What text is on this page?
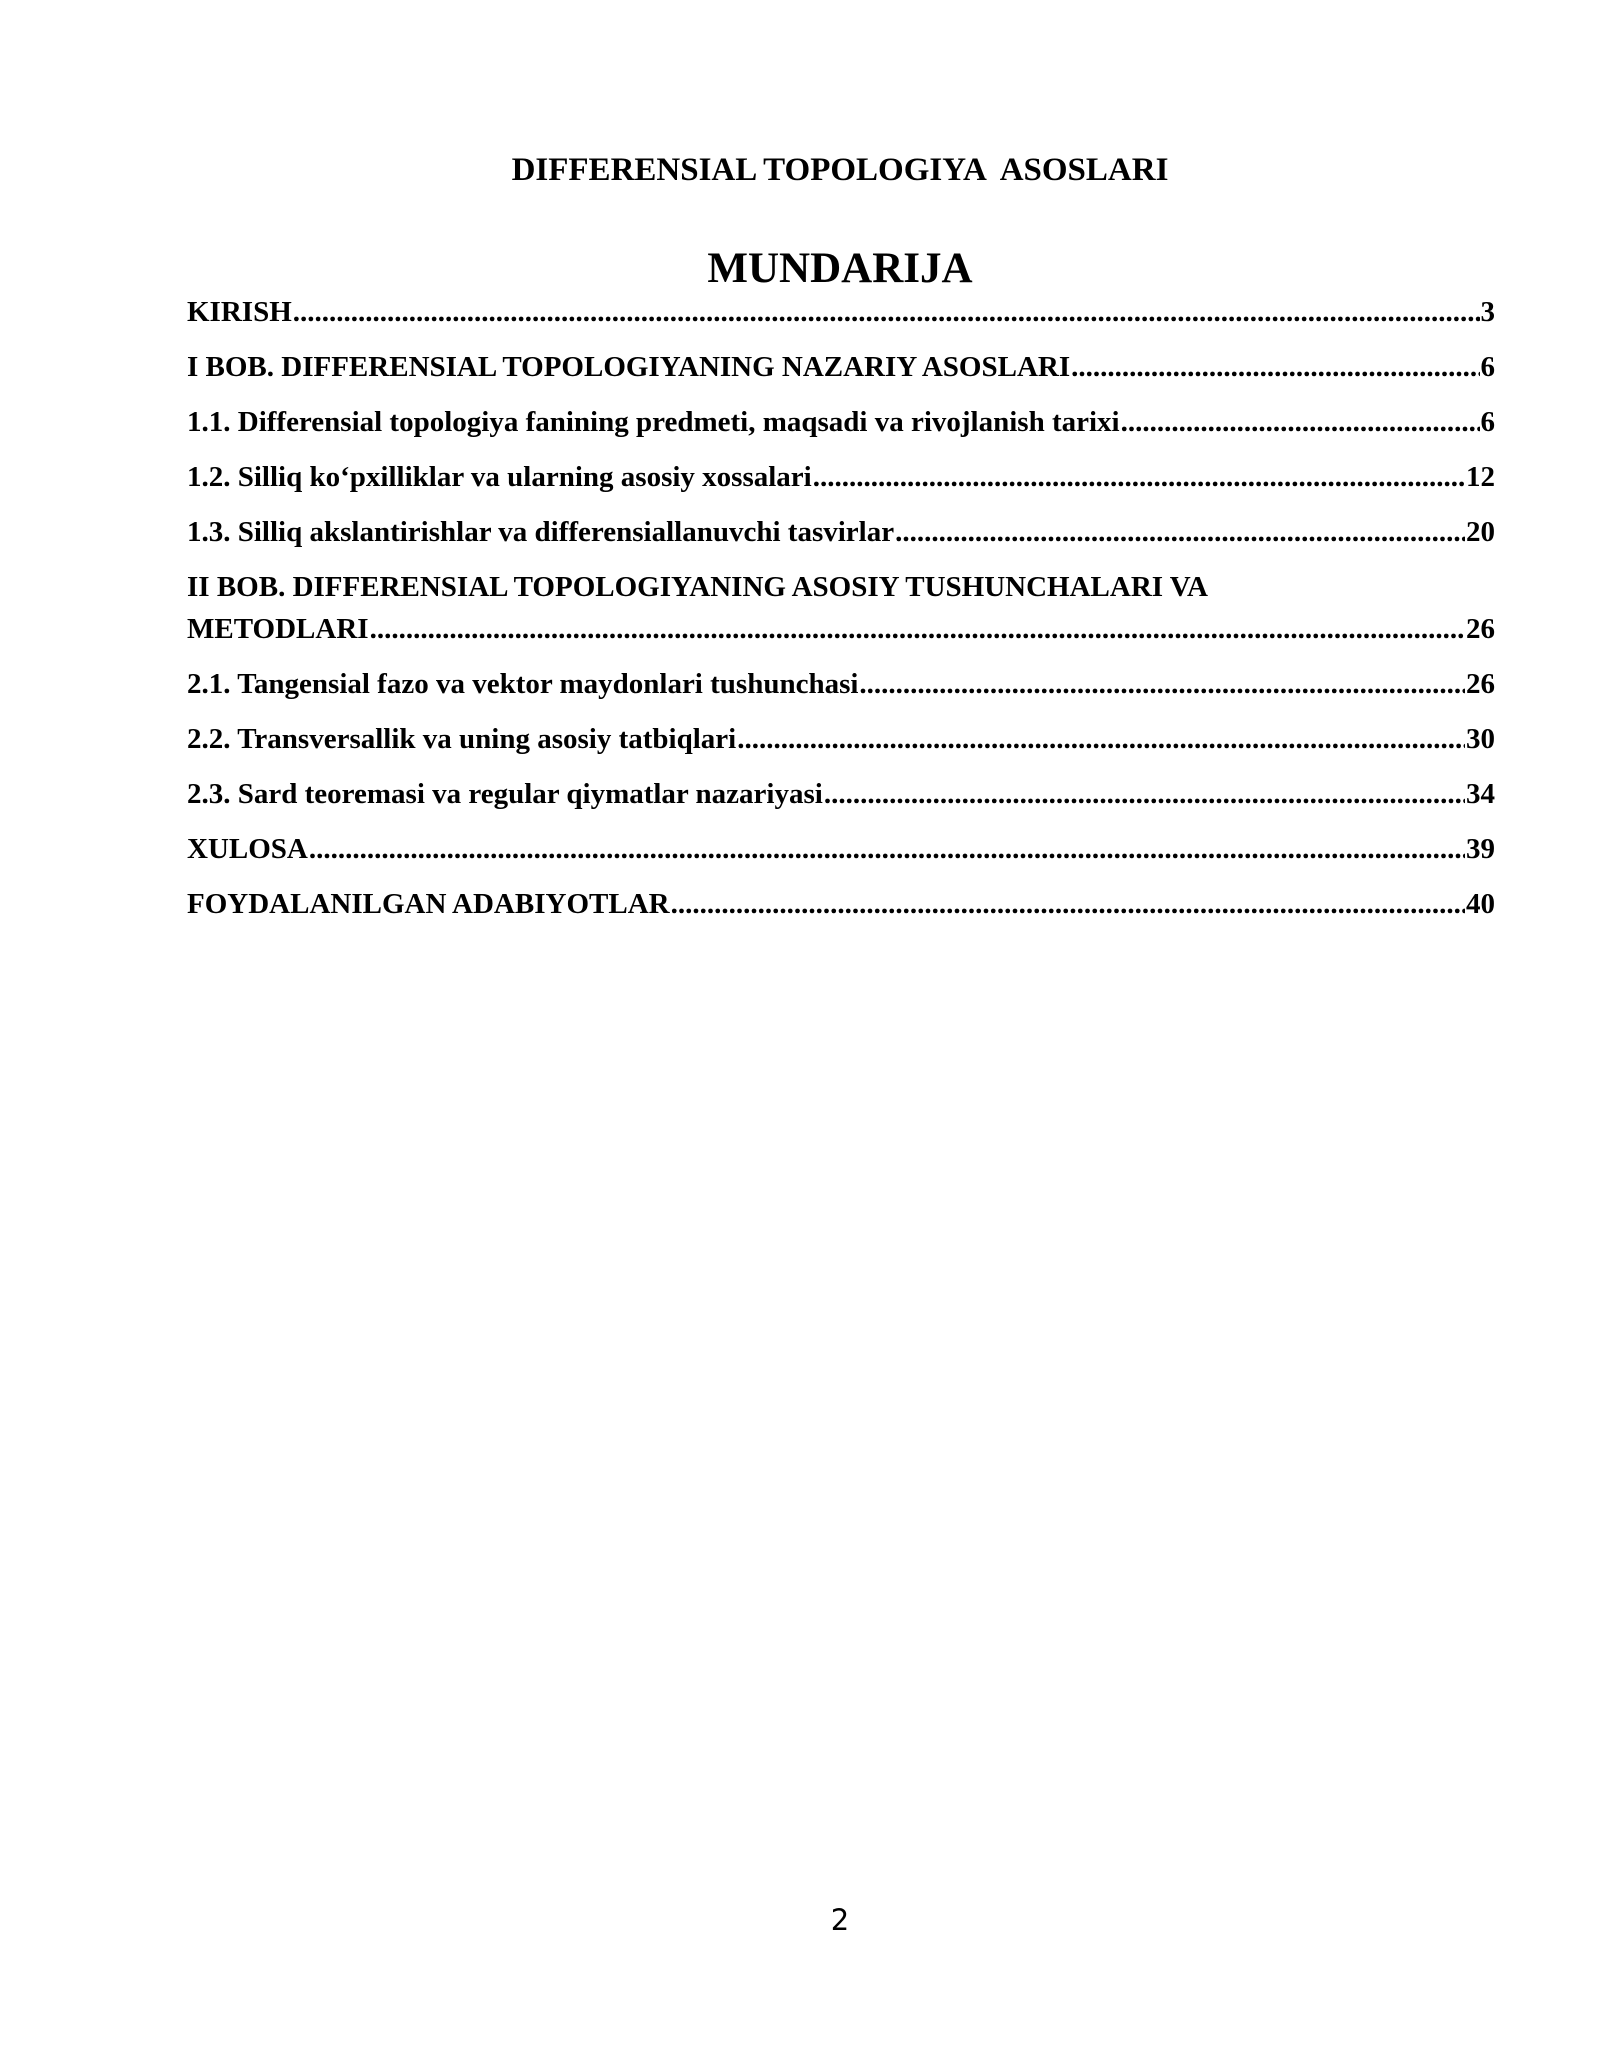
DIFFERENSIAL TOPOLOGIYA  ASOSLARI
MUNDARIJA
KIRISH .....	3
I BOB. DIFFERENSIAL TOPOLOGIYANING NAZARIY ASOSLARI .....	6
1.1. Differensial topologiya fanining predmeti, maqsadi va rivojlanish tarixi .....	6
1.2. Silliq ko‘pxilliklar va ularning asosiy xossalari .....	12
1.3. Silliq akslantirishlar va differensiallanuvchi tasvirlar .....	20
II BOB. DIFFERENSIAL TOPOLOGIYANING ASOSIY TUSHUNCHALARI VA
METODLARI .....	26
2.1. Tangensial fazo va vektor maydonlari tushunchasi .....	26
2.2. Transversallik va uning asosiy tatbiqlari .....	30
2.3. Sard teoremasi va regular qiymatlar nazariyasi .....	34
XULOSA .....	39
FOYDALANILGAN ADABIYOTLAR .....	40
2
